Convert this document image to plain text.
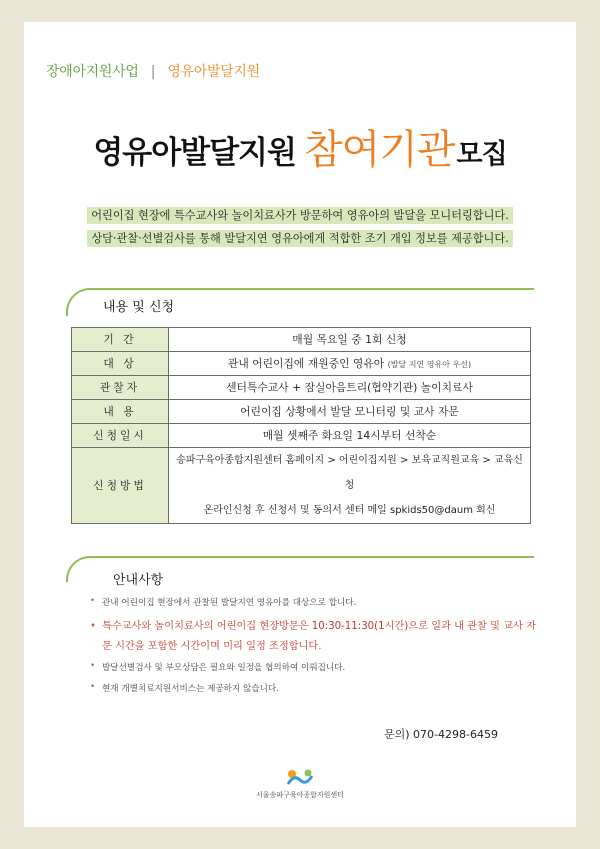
장애아지원사업 | 영유아발달지원
영유아발달지원 참여기관모집
어린이집 현장에 특수교사와 놀이치료사가 방문하여 영유아의 발달을 모니터링합니다.
상담·관찰·선별검사를 통해 발달지연 영유아에게 적합한 조기 개입 정보를 제공합니다.
내용 및 신청
기 간	매월 목요일 중 1회 신청
대 상	관내 어린이집에 재원중인 영유아 (발달 지연 영유아 우선)
관찰자	센터특수교사 + 잠실아음트리(협약기관) 놀이치료사
내 용	어린이집 상황에서 발달 모니터링 및 교사 자문
신청일시	매월 셋째주 화요일 14시부터 선착순
신청방법	송파구육아종합지원센터 홈페이지 > 어린이집지원 > 보육교직원교육 > 교육신청
온라인신청 후 신청서 및 동의서 센터 메일 spkids50@daum 회신
안내사항
• 관내 어린이집 현장에서 관찰된 발달지연 영유아를 대상으로 합니다.
• 특수교사와 놀이치료사의 어린이집 현장방문은 10:30-11:30(1시간)으로 일과 내 관찰 및 교사 자문 시간을 포함한 시간이며 미리 일정 조정합니다.
• 발달선별검사 및 부모상담은 필요와 일정을 협의하여 이뤄집니다.
• 현재 개별치료지원서비스는 제공하지 않습니다.
문의) 070-4298-6459
서울송파구육아종합지원센터
